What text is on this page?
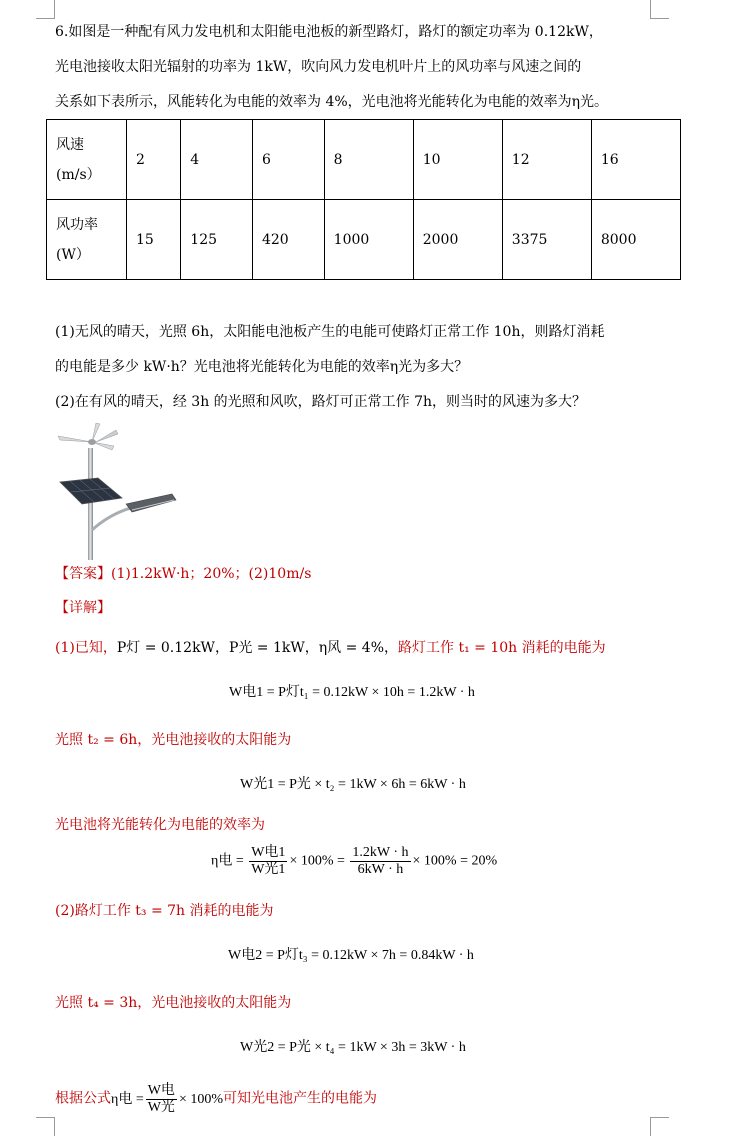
6.如图是一种配有风力发电机和太阳能电池板的新型路灯，路灯的额定功率为 0.12kW，
光电池接收太阳光辐射的功率为 1kW，吹向风力发电机叶片上的风功率与风速之间的
关系如下表所示，风能转化为电能的效率为 4%，光电池将光能转化为电能的效率为η光。
风速
(m/s）	2	4	6	8	10	12	16
风功率
(W）	15	125	420	1000	2000	3375	8000
(1)无风的晴天，光照 6h，太阳能电池板产生的电能可使路灯正常工作 10h，则路灯消耗
的电能是多少 kW·h？光电池将光能转化为电能的效率η光为多大？
(2)在有风的晴天，经 3h 的光照和风吹，路灯可正常工作 7h，则当时的风速为多大？
【答案】(1)1.2kW·h；20%；(2)10m/s
【详解】
(1)已知，P灯 = 0.12kW，P光 = 1kW，η风 = 4%，路灯工作 t₁ = 10h 消耗的电能为
W电1 = P灯t₁ = 0.12kW × 10h = 1.2kW · h
光照 t₂ = 6h，光电池接收的太阳能为
W光1 = P光 × t₂ = 1kW × 6h = 6kW · h
光电池将光能转化为电能的效率为
η电 = $\frac{\text{W电1}}{\text{W光1}} \times 100\% = \frac{1.2kW \cdot h}{6kW \cdot h} \times 100\% = 20\%$
(2)路灯工作 t₃ = 7h 消耗的电能为
W电2 = P灯t₃ = 0.12kW × 7h = 0.84kW · h
光照 t₄ = 3h，光电池接收的太阳能为
W光2 = P光 × t₄ = 1kW × 3h = 3kW · h
根据公式η电 = $\frac{\text{W电}}{\text{W光}} \times 100\%$可知光电池产生的电能为
